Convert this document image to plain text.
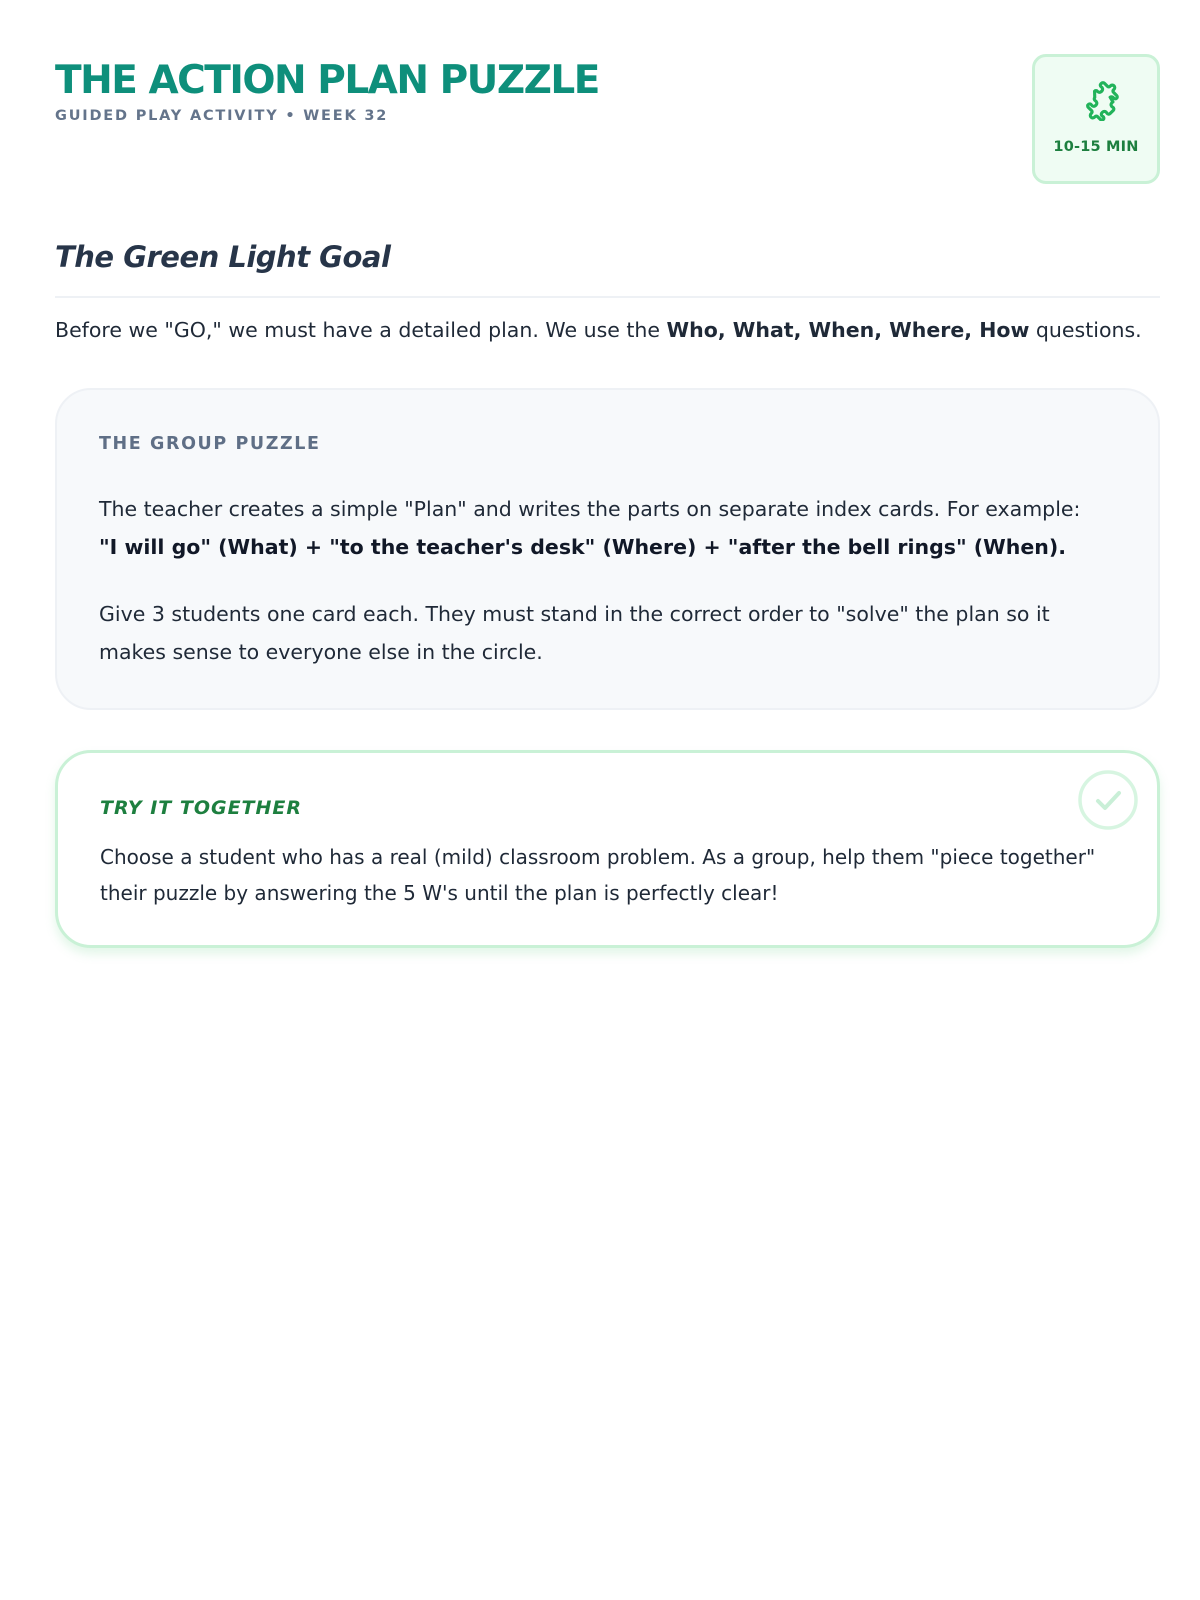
THE ACTION PLAN PUZZLE
GUIDED PLAY ACTIVITY • WEEK 32
10-15 MIN
The Green Light Goal

Before we "GO," we must have a detailed plan. We use the Who, What, When, Where, How questions.

THE GROUP PUZZLE

The teacher creates a simple "Plan" and writes the parts on separate index cards. For example:
"I will go" (What) + "to the teacher's desk" (Where) + "after the bell rings" (When).

Give 3 students one card each. They must stand in the correct order to "solve" the plan so it makes sense to everyone else in the circle.

TRY IT TOGETHER

Choose a student who has a real (mild) classroom problem. As a group, help them "piece together" their puzzle by answering the 5 W's until the plan is perfectly clear!
